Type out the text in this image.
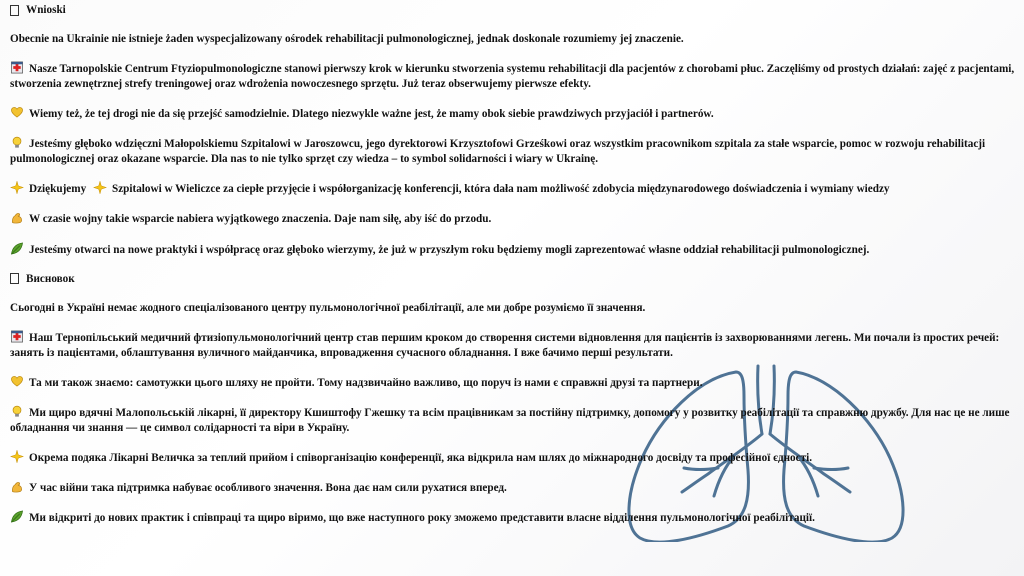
Wnioski
Obecnie na Ukrainie nie istnieje żaden wyspecjalizowany ośrodek rehabilitacji pulmonologicznej, jednak doskonale rozumiemy jej znaczenie.
Nasze Tarnopolskie Centrum Ftyziopulmonologiczne stanowi pierwszy krok w kierunku stworzenia systemu rehabilitacji dla pacjentów z chorobami płuc. Zaczęliśmy od prostych działań: zajęć z pacjentami, stworzenia zewnętrznej strefy treningowej oraz wdrożenia nowoczesnego sprzętu. Już teraz obserwujemy pierwsze efekty.
Wiemy też, że tej drogi nie da się przejść samodzielnie. Dlatego niezwykle ważne jest, że mamy obok siebie prawdziwych przyjaciół i partnerów.
Jesteśmy głęboko wdzięczni Małopolskiemu Szpitalowi w Jaroszowcu, jego dyrektorowi Krzysztofowi Grześkowi oraz wszystkim pracownikom szpitala za stałe wsparcie, pomoc w rozwoju rehabilitacji pulmonologicznej oraz okazane wsparcie. Dla nas to nie tylko sprzęt czy wiedza – to symbol solidarności i wiary w Ukrainę.
Dziękujemy Szpitalowi w Wieliczce za ciepłe przyjęcie i współorganizację konferencji, która dała nam możliwość zdobycia międzynarodowego doświadczenia i wymiany wiedzy
W czasie wojny takie wsparcie nabiera wyjątkowego znaczenia. Daje nam siłę, aby iść do przodu.
Jesteśmy otwarci na nowe praktyki i współpracę oraz głęboko wierzymy, że już w przyszłym roku będziemy mogli zaprezentować własne oddział rehabilitacji pulmonologicznej.
Висновок
Сьогодні в Україні немає жодного спеціалізованого центру пульмонологічної реабілітації, але ми добре розуміємо її значення.
Наш Тернопільський медичний фтизіопульмонологічний центр став першим кроком до створення системи відновлення для пацієнтів із захворюваннями легень. Ми почали із простих речей: занять із пацієнтами, облаштування вуличного майданчика, впровадження сучасного обладнання. І вже бачимо перші результати.
Та ми також знаємо: самотужки цього шляху не пройти. Тому надзвичайно важливо, що поруч із нами є справжні друзі та партнери.
Ми щиро вдячні Малопольській лікарні, її директору Кшиштофу Гжешку та всім працівникам за постійну підтримку, допомогу у розвитку реабілітації та справжню дружбу. Для нас це не лише обладнання чи знання — це символ солідарності та віри в Україну.
Окрема подяка Лікарні Величка за теплий прийом і співорганізацію конференції, яка відкрила нам шлях до міжнародного досвіду та професійної єдності.
У час війни така підтримка набуває особливого значення. Вона дає нам сили рухатися вперед.
Ми відкриті до нових практик і співпраці та щиро віримо, що вже наступного року зможемо представити власне відділення пульмонологічної реабілітації.
